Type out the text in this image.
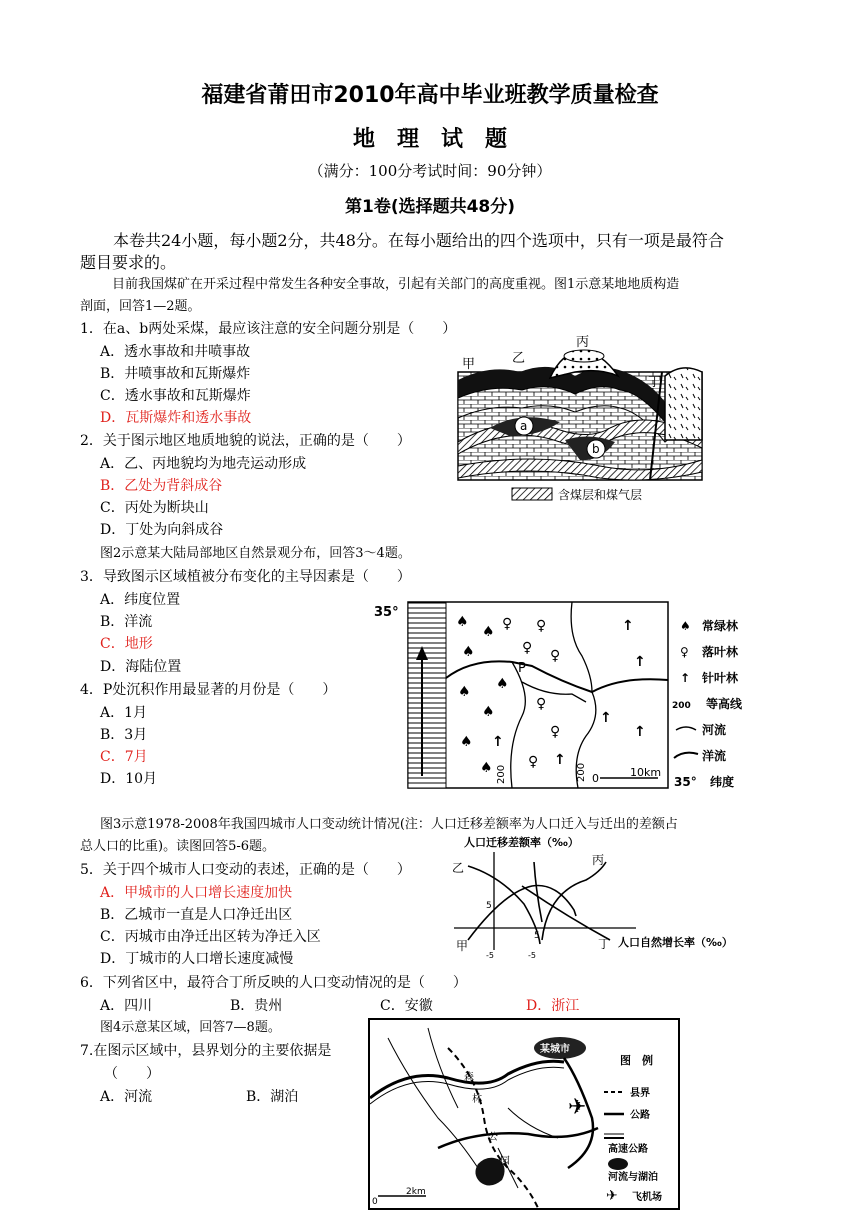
福建省莆田市2010年高中毕业班教学质量检查
地　理　试　题
（满分：100分考试时间：90分钟）
第1卷(选择题共48分)
本卷共24小题，每小题2分，共48分。在每小题给出的四个选项中，只有一项是最符合
题目要求的。
目前我国煤矿在开采过程中常发生各种安全事故，引起有关部门的高度重视。图1示意某地地质构造
剖面，回答1—2题。
1．在a、b两处采煤，最应该注意的安全问题分别是（　　）
A．透水事故和井喷事故
B．井喷事故和瓦斯爆炸
C．透水事故和瓦斯爆炸
D．瓦斯爆炸和透水事故
2．关于图示地区地质地貌的说法，正确的是（　　）
A．乙、丙地貌均为地壳运动形成
B．乙处为背斜成谷
C．丙处为断块山
D．丁处为向斜成谷
a
b
甲	乙
丙
丁
含煤层和煤气层
图2示意某大陆局部地区自然景观分布，回答3～4题。
3．导致图示区域植被分布变化的主导因素是（　　）
A．纬度位置
B．洋流
C．地形
D．海陆位置
4．P处沉积作用最显著的月份是（　　）
A．1月
B．3月
C．7月
D．10月
35°
P
200	200
♠
♠
♠
♠
♠
♠
♠
♠
♀ ♀
♀ ♀
♀
♀
♀
↑
↑
↑
↑
↑
↑
0	10km
♠ 常绿林
♀ 落叶林
↑ 针叶林
200 等高线
河流
洋流
35° 纬度
图3示意1978-2008年我国四城市人口变动统计情况(注：人口迁移差额率为人口迁入与迁出的差额占
总人口的比重)。读图回答5-6题。
5．关于四个城市人口变动的表述，正确的是（　　）
A．甲城市的人口增长速度加快
B．乙城市一直是人口净迁出区
C．丙城市由净迁出区转为净迁入区
D．丁城市的人口增长速度减慢
人口迁移差额率（‰）
人口自然增长率（‰）
5
5
-5	-5
乙
丙
甲	丁
6．下列省区中，最符合丁所反映的人口变动情况的是（　　）
A．四川	B．贵州	C．安徽	D．浙江
图4示意某区域，回答7—8题。
7.在图示区域中，县界划分的主要依据是
（　　）
A．河流	B．湖泊
某城市
✈
森
林
公
园
0
2km
图　例
县界
公路
高速公路
河流与湖泊
✈ 飞机场
